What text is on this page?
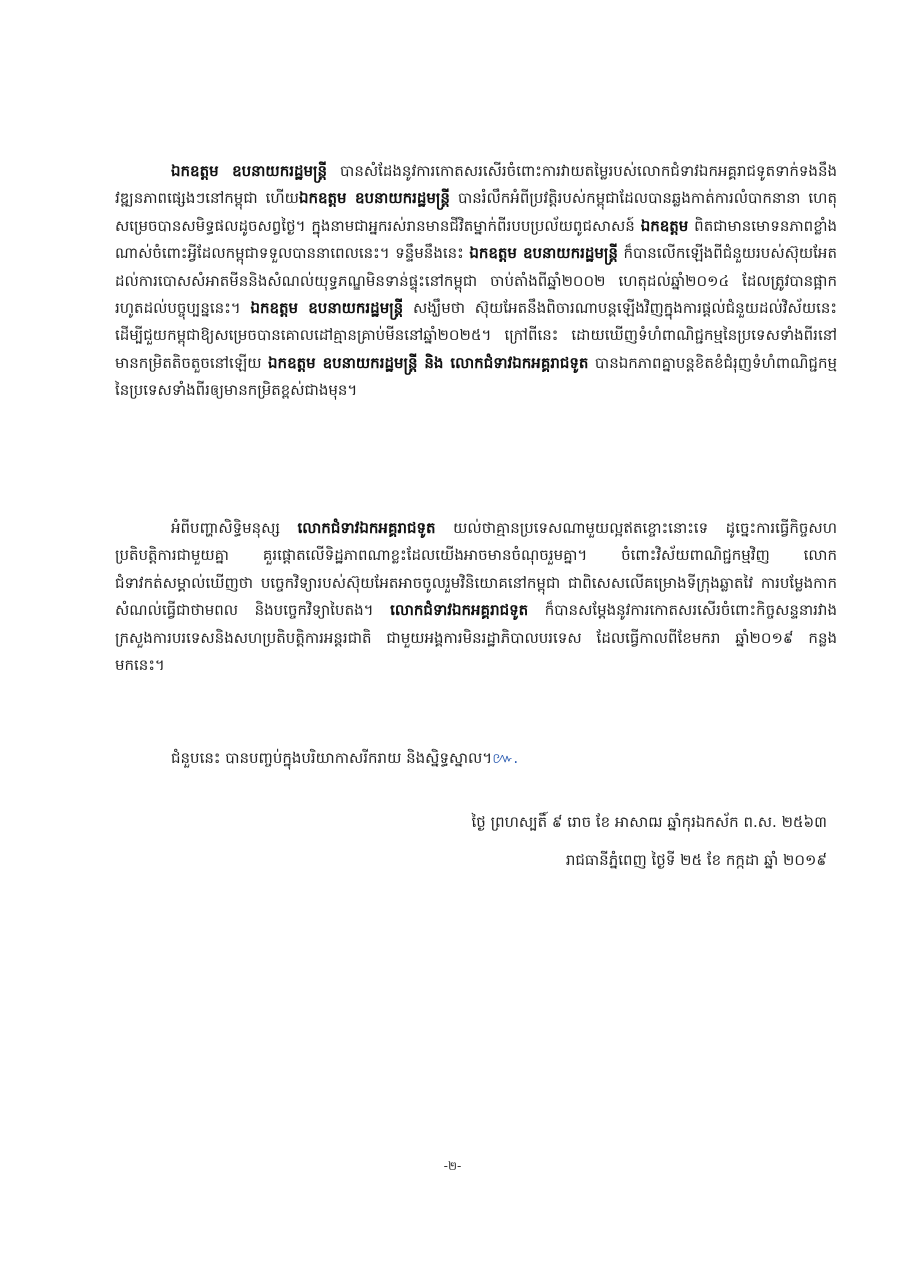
ឯកឧត្តម ឧបនាយករដ្ឋមន្ត្រី បានសំដែងនូវការកោតសរសើរចំពោះការវាយតម្លៃរបស់លោកជំទាវឯកអគ្គរាជទូតទាក់ទងនឹងវឌ្ឍនភាពផ្សេងៗនៅកម្ពុជា ហើយឯកឧត្តម ឧបនាយករដ្ឋមន្ត្រី បានរំលឹកអំពីប្រវត្តិរបស់កម្ពុជាដែលបានឆ្លងកាត់ការលំបាកនានា ហេតុសម្រេចបានសមិទ្ធផលដូចសព្វថ្ងៃ។ ក្នុងនាមជាអ្នករស់រានមានជីវិតម្នាក់ពីរបបប្រល័យពូជសាសន៍ ឯកឧត្តម ពិតជាមានមោទនភាពខ្លាំងណាស់ចំពោះអ្វីដែលកម្ពុជាទទួលបាននាពេលនេះ។ ទន្ទឹមនឹងនេះ ឯកឧត្តម ឧបនាយករដ្ឋមន្ត្រី ក៏បានលើកឡើងពីជំនួយរបស់ស៊ុយអែតដល់ការបោសសំអាតមីននិងសំណល់យុទ្ធភណ្ឌមិនទាន់ផ្ទុះនៅកម្ពុជា ចាប់តាំងពីឆ្នាំ២០០២ ហេតុដល់ឆ្នាំ២០១៤ ដែលត្រូវបានផ្អាករហូតដល់បច្ចុប្បន្ននេះ។ ឯកឧត្តម ឧបនាយករដ្ឋមន្ត្រី សង្ឃឹមថា ស៊ុយអែតនឹងពិចារណាបន្តឡើងវិញក្នុងការផ្តល់ជំនួយដល់វិស័យនេះ ដើម្បីជួយកម្ពុជាឱ្យសម្រេចបានគោលដៅគ្មានគ្រាប់មីននៅឆ្នាំ២០២៥។ ក្រៅពីនេះ ដោយឃើញទំហំពាណិជ្ជកម្មនៃប្រទេសទាំងពីរនៅមានកម្រិតតិចតួចនៅឡើយ ឯកឧត្តម ឧបនាយករដ្ឋមន្ត្រី និង លោកជំទាវឯកអគ្គរាជទូត បានឯកភាពគ្នាបន្តខិតខំជំរុញទំហំពាណិជ្ជកម្មនៃប្រទេសទាំងពីរឲ្យមានកម្រិតខ្ពស់ជាងមុន។

អំពីបញ្ហាសិទ្ធិមនុស្ស លោកជំទាវឯកអគ្គរាជទូត យល់ថាគ្មានប្រទេសណាមួយល្អឥតខ្ចោះនោះទេ ដូច្នេះការធ្វើកិច្ចសហប្រតិបត្តិការជាមួយគ្នា គួរផ្តោតលើទិដ្ឋភាពណាខ្លះដែលយើងអាចមានចំណុចរួមគ្នា។ ចំពោះវិស័យពាណិជ្ជកម្មវិញ លោកជំទាវកត់សម្គាល់ឃើញថា បច្ចេកវិទ្យារបស់ស៊ុយអែតអាចចូលរួមវិនិយោគនៅកម្ពុជា ជាពិសេសលើគម្រោងទីក្រុងឆ្លាតវៃ ការបម្លែងកាកសំណល់ធ្វើជាថាមពល និងបច្ចេកវិទ្យាបៃតង។ លោកជំទាវឯកអគ្គរាជទូត ក៏បានសម្តែងនូវការកោតសរសើរចំពោះកិច្ចសន្ទនារវាងក្រសួងការបរទេសនិងសហប្រតិបត្តិការអន្តរជាតិ ជាមួយអង្គការមិនរដ្ឋាភិបាលបរទេស ដែលធ្វើកាលពីខែមករា ឆ្នាំ២០១៩ កន្លងមកនេះ។

ជំនួបនេះ បានបញ្ចប់ក្នុងបរិយាកាសរីករាយ និងស្និទ្ធស្នាល។៚.

ថ្ងៃ ព្រហស្បតិ៍ ៩ រោច ខែ អាសាឍ ឆ្នាំកុរឯកស័ក ព.ស. ២៥៦៣

រាជធានីភ្នំពេញ ថ្ងៃទី ២៥ ខែ កក្កដា ឆ្នាំ ២០១៩

-២-
